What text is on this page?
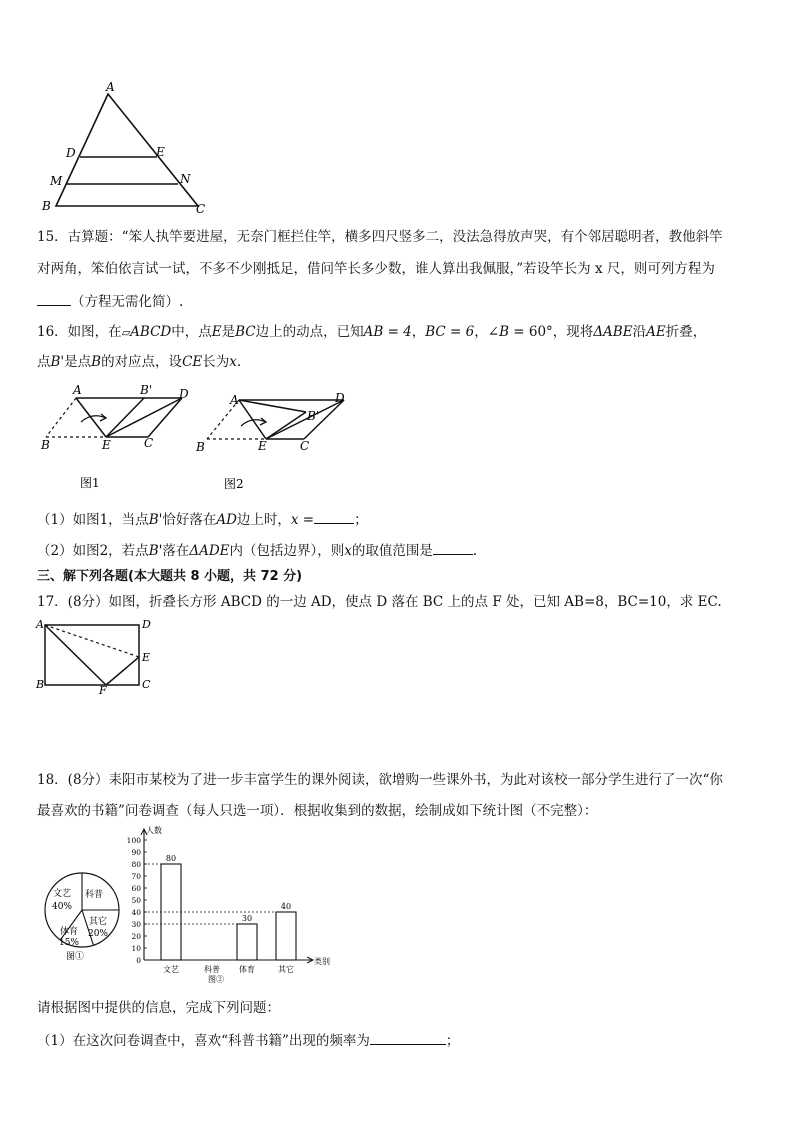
A
D	E
M	N
B	C
15．古算题：“笨人执竿要进屋，无奈门框拦住竿，横多四尺竖多二，没法急得放声哭，有个邻居聪明者，教他斜竿
对两角，笨伯依言试一试，不多不少刚抵足，借问竿长多少数，谁人算出我佩服，”若设竿长为 x 尺，则可列方程为
（方程无需化简）.
16．如图，在▱ABCD中，点E是BC边上的动点，已知AB = 4，BC = 6，∠B = 60°，现将ΔABE沿AE折叠，
点B'是点B的对应点，设CE长为x.
A	B' D
B	E	C
图1
A
B'
D
B	E	C
图2
（1）如图1，当点B'恰好落在AD边上时，x =	；
（2）如图2，若点B'落在ΔADE内（包括边界），则x的取值范围是	.
三、解下列各题(本大题共 8 小题，共 72 分)
17．(8分）如图，折叠长方形 ABCD 的一边 AD，使点 D 落在 BC 上的点 F 处，已知 AB=8，BC=10，求 EC.
A	D
E
B	F	C
18．(8分）耒阳市某校为了进一步丰富学生的课外阅读，欲增购一些课外书，为此对该校一部分学生进行了一次“你
最喜欢的书籍”问卷调查（每人只选一项）．根据收集到的数据，绘制成如下统计图（不完整）：
文艺
40%
科普
其它
20%
体育
15%
图①
人数
类别
0
10
20
30
40
50
60
70
80
90
100
文艺	科普 体育	其它
图②
80
30
40
请根据图中提供的信息，完成下列问题：
（1）在这次问卷调查中，喜欢“科普书籍”出现的频率为	；
